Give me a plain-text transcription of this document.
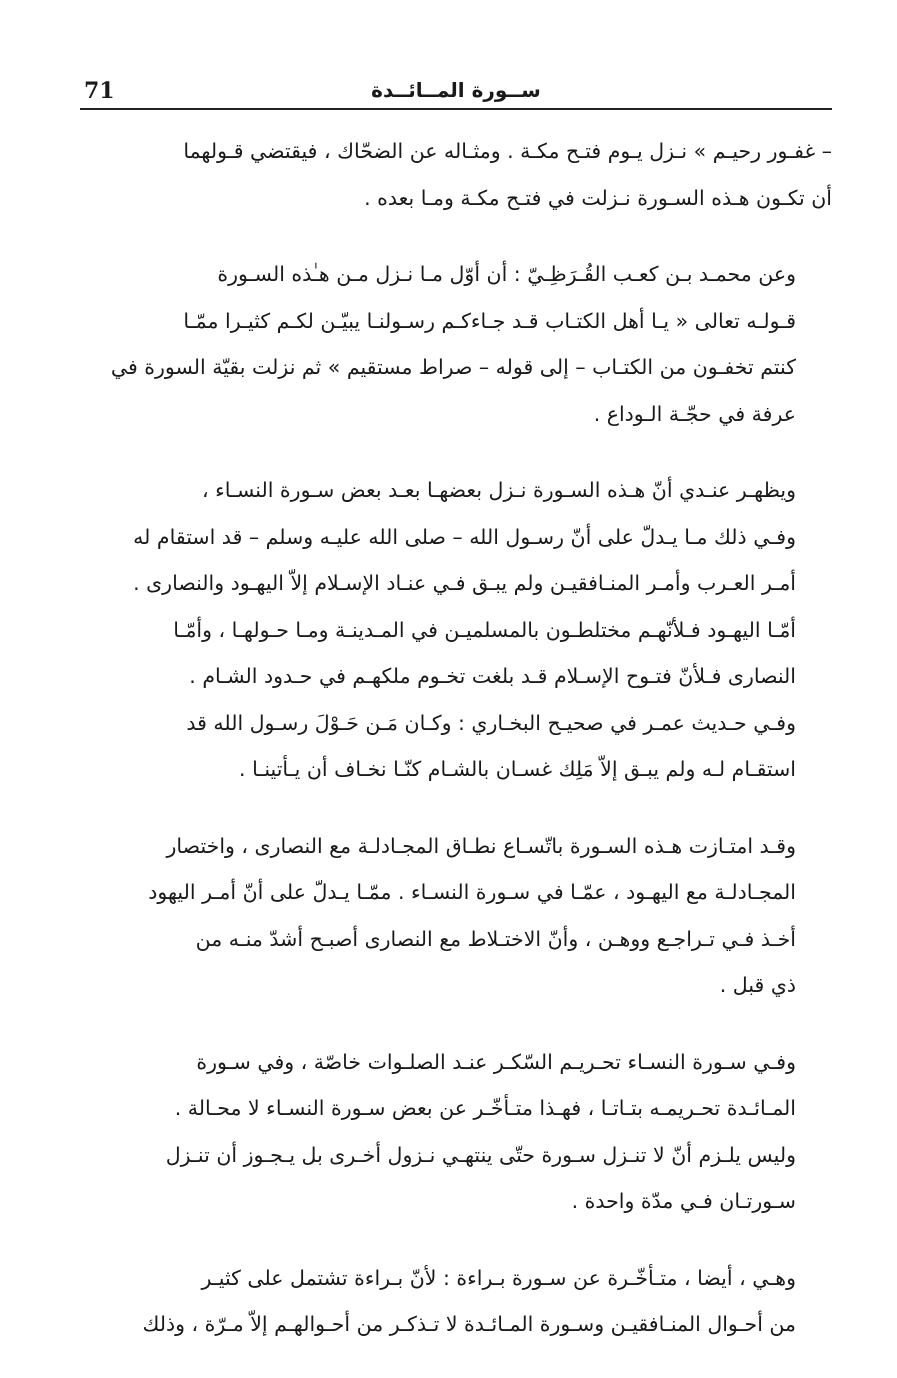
71	ســورة المــائــدة

– غفـور رحيـم » نـزل يـوم فتـح مكـة . ومثـاله عن الضحّاك ، فيقتضي قـولهما
أن تكـون هـذه السـورة نـزلت في فتـح مكـة ومـا بعده .

وعن محمـد بـن كعـب القُـرَظِـيّ : أن أوّل مـا نـزل مـن هـٰذه السـورة
قـولـه تعالى « يـا أهل الكتـاب قـد جـاءكـم رسـولنـا يبيّـن لكـم كثيـرا ممّـا
كنتم تخفـون من الكتـاب – إلى قوله – صراط مستقيم » ثم نزلت بقيّة السورة في
عرفة في حجّـة الـوداع .

ويظهـر عنـدي أنّ هـذه السـورة نـزل بعضهـا بعـد بعض سـورة النسـاء ،
وفـي ذلك مـا يـدلّ على أنّ رسـول الله – صلى الله عليـه وسلم – قد استقام له
أمـر العـرب وأمـر المنـافقيـن ولم يبـق فـي عنـاد الإسـلام إلاّ اليهـود والنصارى .
أمّـا اليهـود فـلأنّهـم مختلطـون بالمسلميـن في المـدينـة ومـا حـولهـا ، وأمّـا
النصارى فـلأنّ فتـوح الإسـلام قـد بلغت تخـوم ملكهـم في حـدود الشـام .
وفـي حـديث عمـر في صحيـح البخـاري : وكـان مَـن حَـوْلَ رسـول الله قد
استقـام لـه ولم يبـق إلاّ مَلِك غسـان بالشـام كنّـا نخـاف أن يـأتينـا .

وقـد امتـازت هـذه السـورة باتّسـاع نطـاق المجـادلـة مع النصارى ، واختصار
المجـادلـة مع اليهـود ، عمّـا في سـورة النسـاء . ممّـا يـدلّ على أنّ أمـر اليهود
أخـذ فـي تـراجـع ووهـن ، وأنّ الاختـلاط مع النصارى أصبـح أشدّ منـه من
ذي قبل .

وفـي سـورة النسـاء تحـريـم السّكـر عنـد الصلـوات خاصّة ، وفي سـورة
المـائـدة تحـريمـه بتـاتـا ، فهـذا متـأخّـر عن بعض سـورة النسـاء لا محـالة .
وليس يلـزم أنّ لا تنـزل سـورة حتّى ينتهـي نـزول أخـرى بل يـجـوز أن تنـزل
سـورتـان فـي مدّة واحدة .

وهـي ، أيضا ، متـأخّـرة عن سـورة بـراءة : لأنّ بـراءة تشتمل على كثيـر
من أحـوال المنـافقيـن وسـورة المـائـدة لا تـذكـر من أحـوالهـم إلاّ مـرّة ، وذلك
